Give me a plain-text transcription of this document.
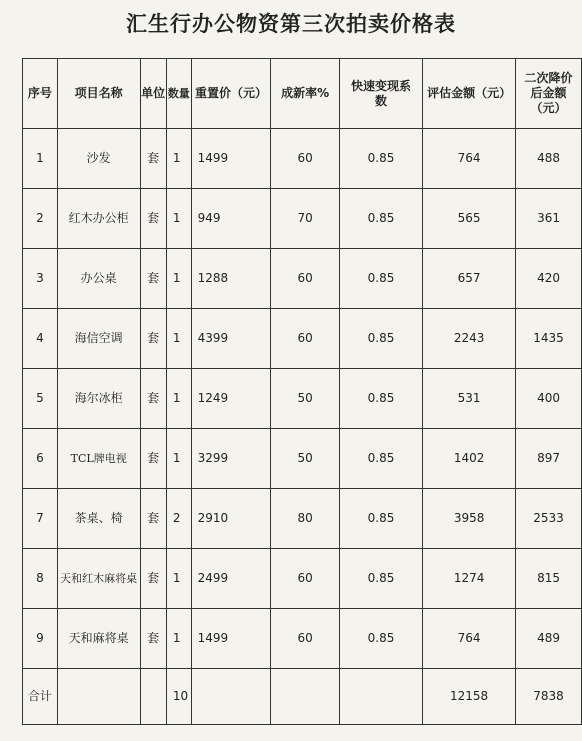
汇生行办公物资第三次拍卖价格表
序号	项目名称	单位	数量	重置价（元）	成新率%	快速变现系数	评估金额（元）	二次降价后金额（元）
1	沙发	套	1	1499	60	0.85	764	488
2	红木办公柜	套	1	949	70	0.85	565	361
3	办公桌	套	1	1288	60	0.85	657	420
4	海信空调	套	1	4399	60	0.85	2243	1435
5	海尔冰柜	套	1	1249	50	0.85	531	400
6	TCL牌电视	套	1	3299	50	0.85	1402	897
7	茶桌、椅	套	2	2910	80	0.85	3958	2533
8	天和红木麻将桌	套	1	2499	60	0.85	1274	815
9	天和麻将桌	套	1	1499	60	0.85	764	489
合计			10				12158	7838
